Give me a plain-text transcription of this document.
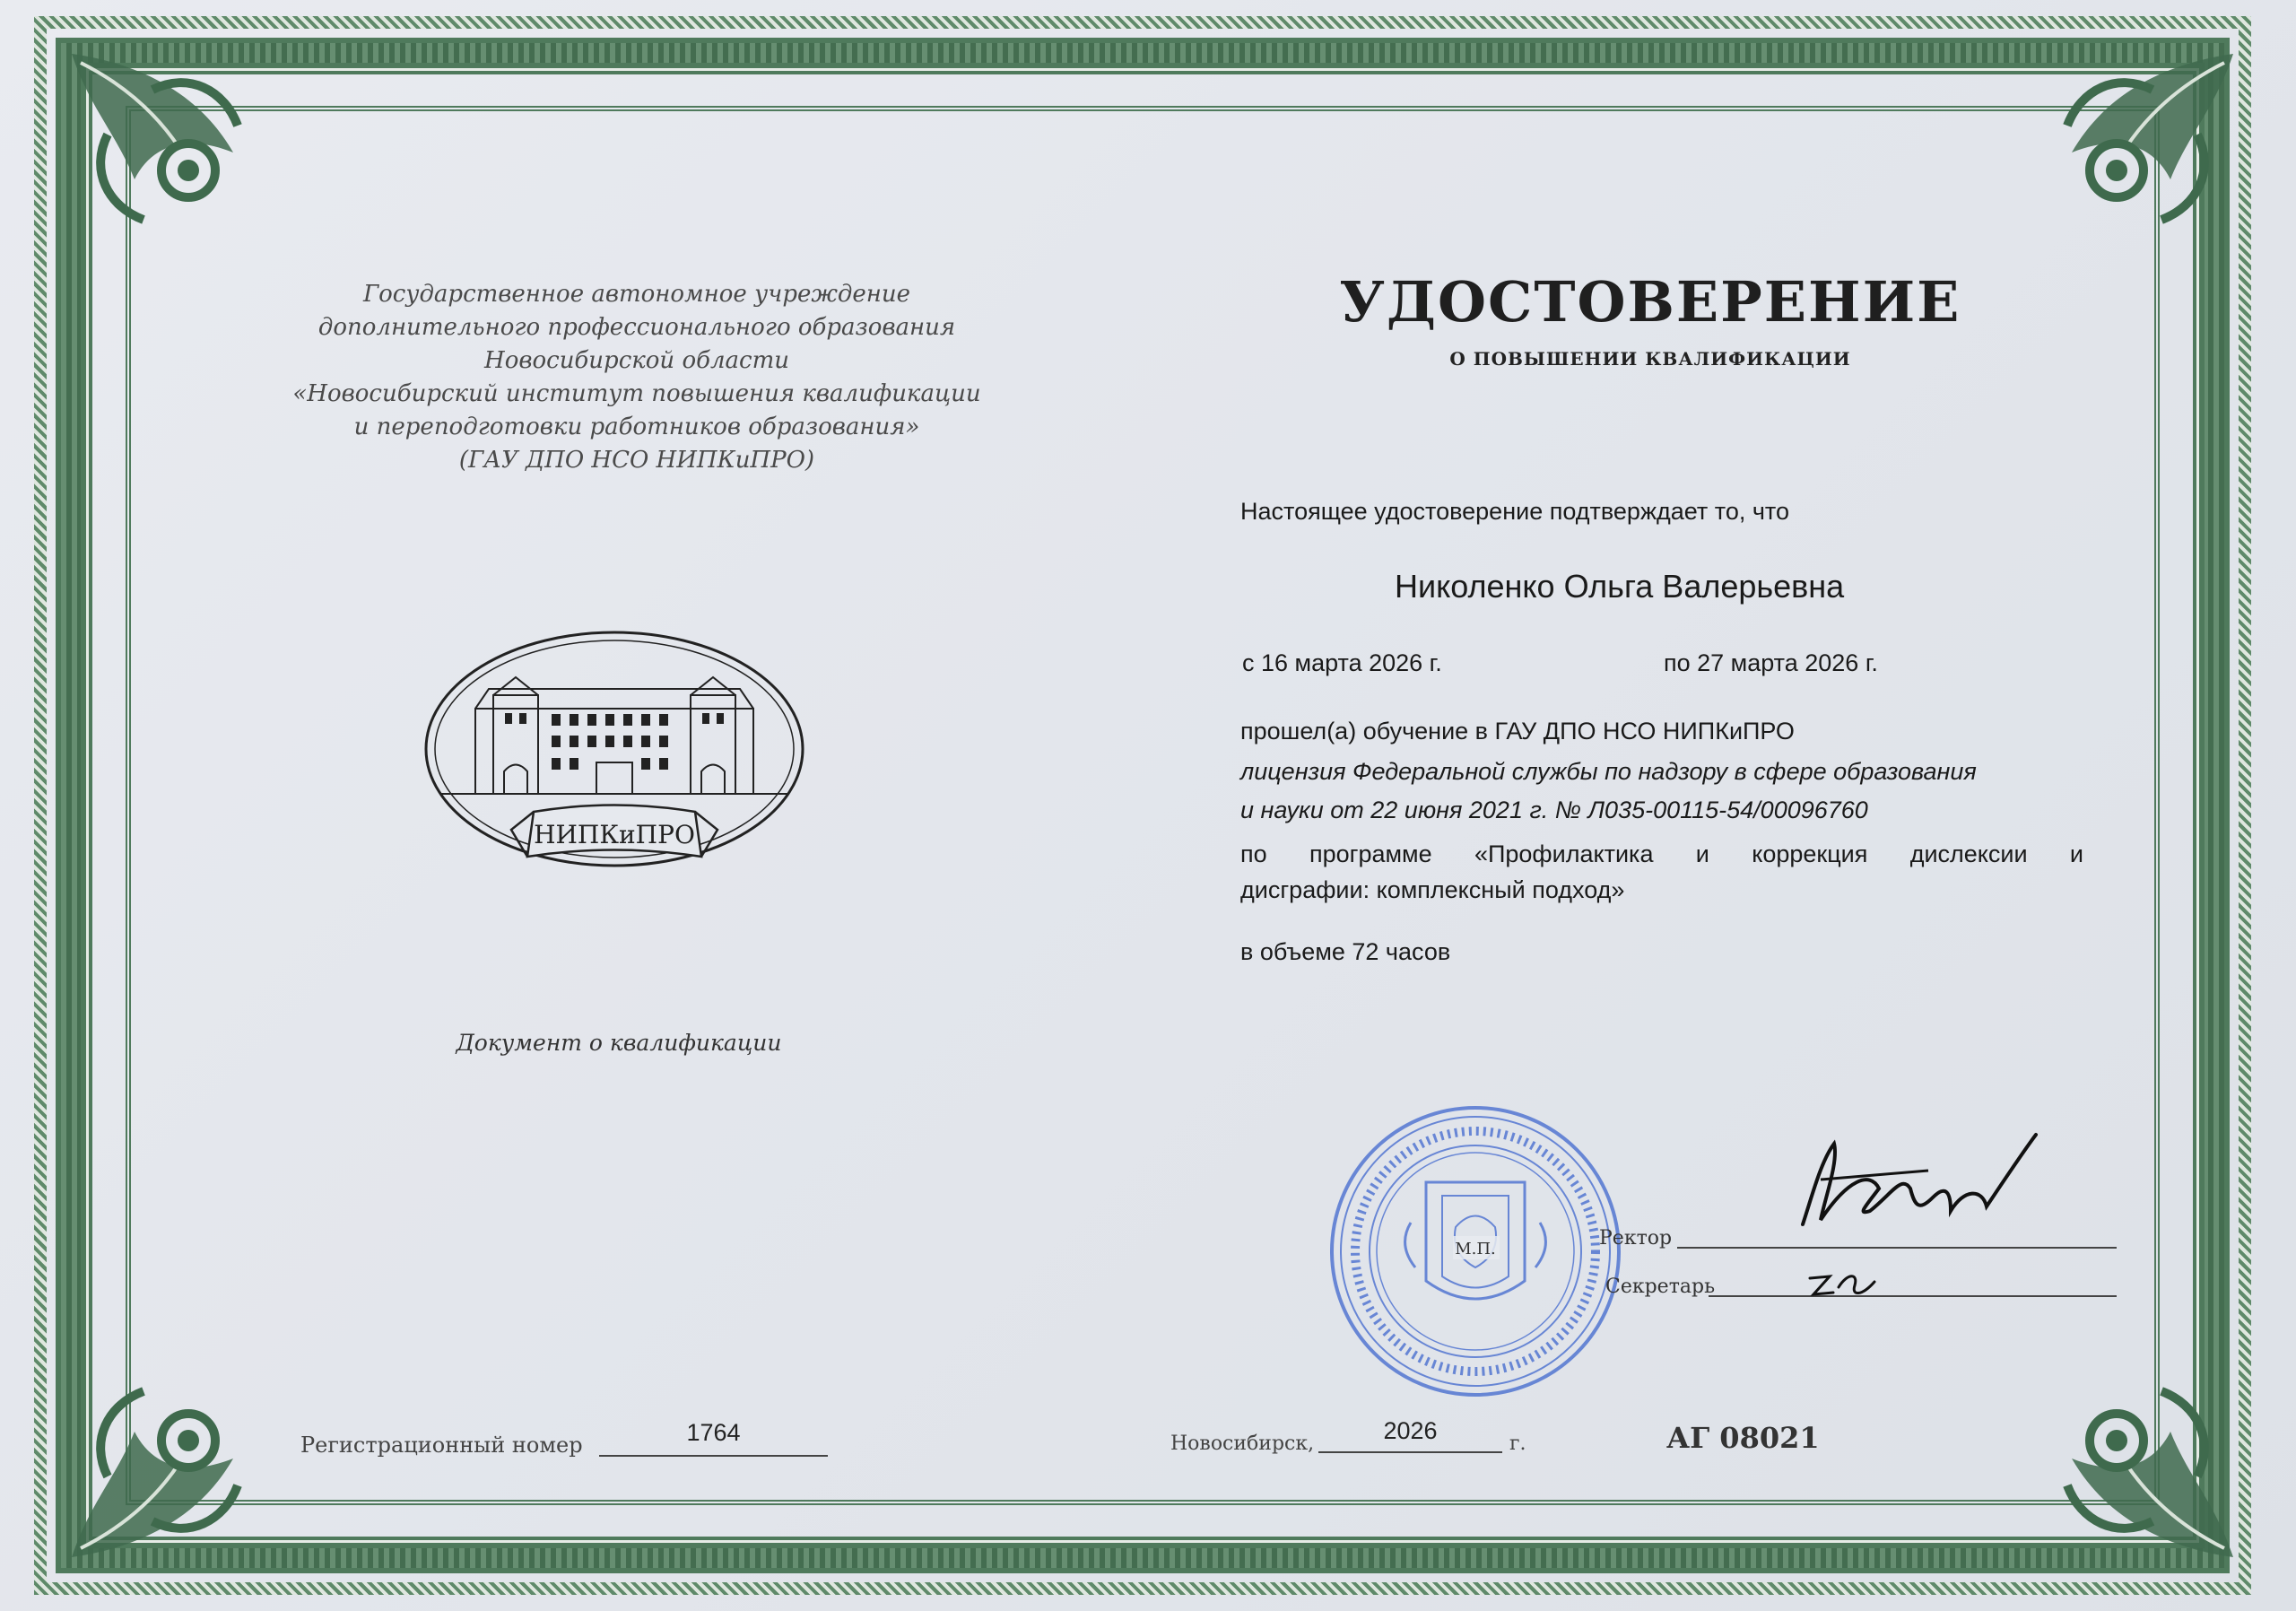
Государственное автономное учреждение
дополнительного профессионального образования
Новосибирской области
«Новосибирский институт повышения квалификации
и переподготовки работников образования»
(ГАУ ДПО НСО НИПКиПРО)
НИПКиПРО
Документ о квалификации
УДОСТОВЕРЕНИЕ
О ПОВЫШЕНИИ КВАЛИФИКАЦИИ
Настоящее удостоверение подтверждает то, что
Николенко Ольга Валерьевна
с 16 марта 2026 г.	по 27 марта 2026 г.
прошел(а) обучение в ГАУ ДПО НСО НИПКиПРО
лицензия Федеральной службы по надзору в сфере образования
и науки от 22 июня 2021 г. № Л035-00115-54/00096760
по программе «Профилактика и коррекция дислексии и
дисграфии: комплексный подход»
в объеме 72 часов
М.П.	Ректор
Секретарь
Регистрационный номер	1764	Новосибирск,	2026	г.	АГ 08021
